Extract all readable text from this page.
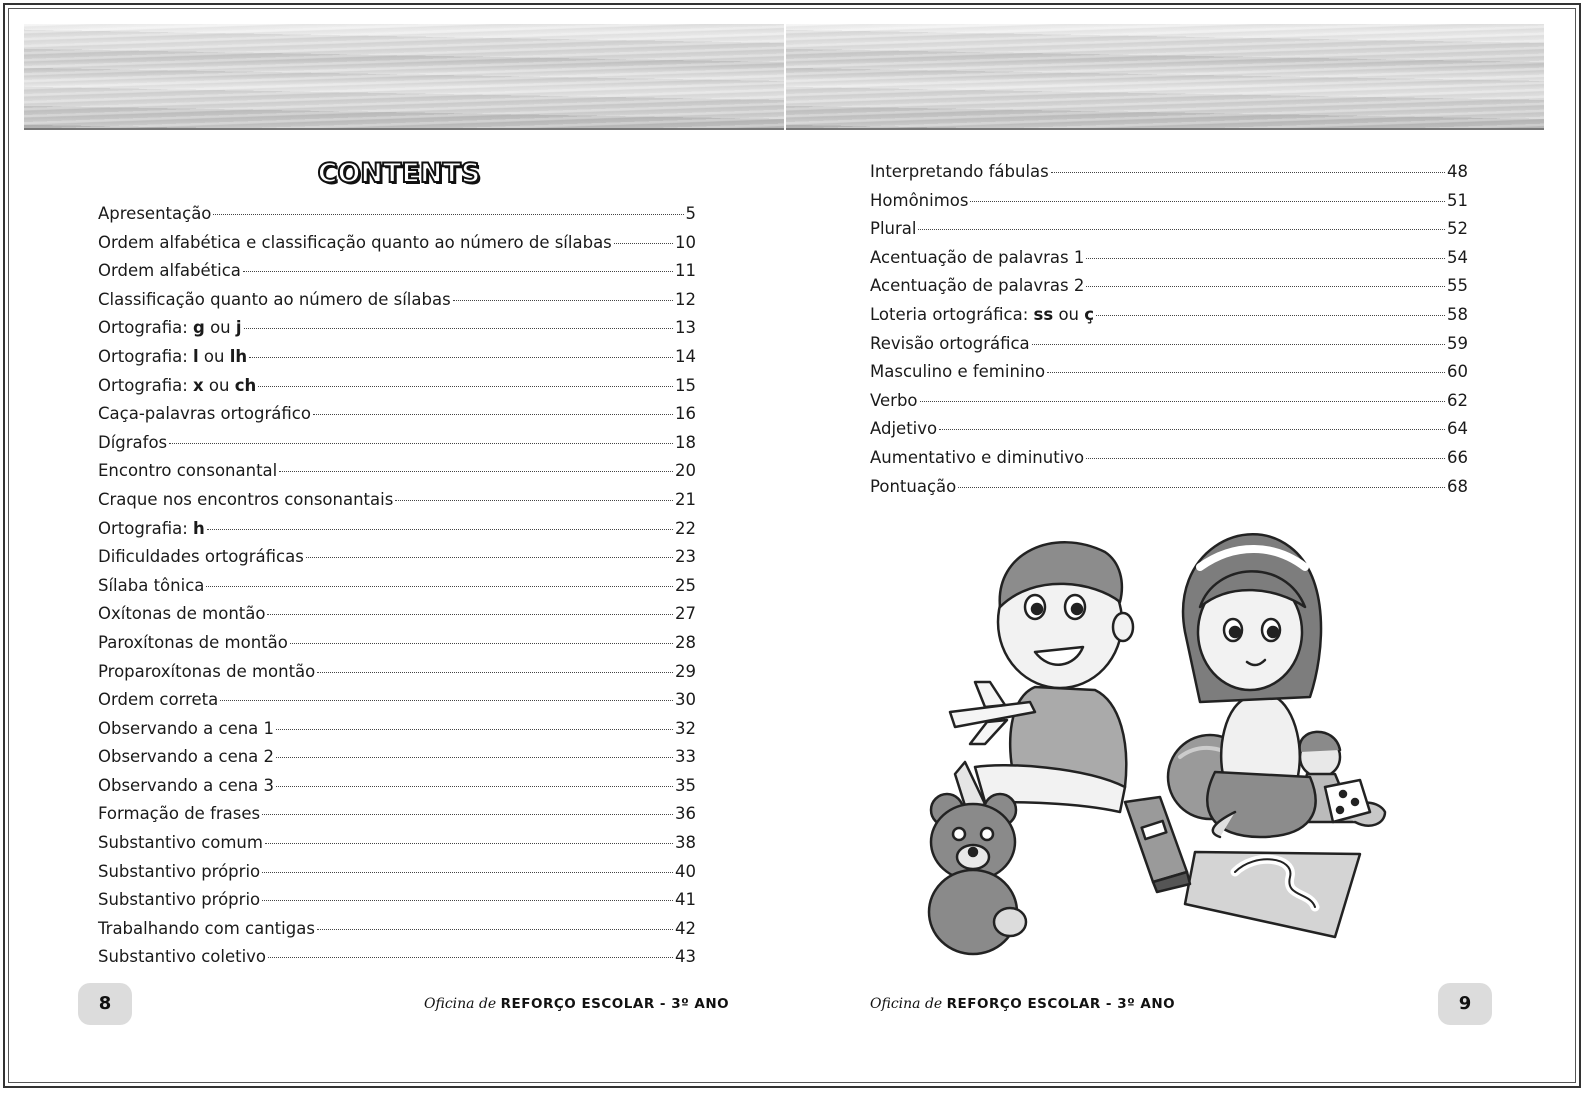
CONTENTS
Apresentação	5
Ordem alfabética e classificação quanto ao número de sílabas	10
Ordem alfabética	11
Classificação quanto ao número de sílabas	12
Ortografia: g ou j	13
Ortografia: l ou lh	14
Ortografia: x ou ch	15
Caça-palavras ortográfico	16
Dígrafos	18
Encontro consonantal	20
Craque nos encontros consonantais	21
Ortografia: h	22
Dificuldades ortográficas	23
Sílaba tônica	25
Oxítonas de montão	27
Paroxítonas de montão	28
Proparoxítonas de montão	29
Ordem correta	30
Observando a cena 1	32
Observando a cena 2	33
Observando a cena 3	35
Formação de frases	36
Substantivo comum	38
Substantivo próprio	40
Substantivo próprio	41
Trabalhando com cantigas	42
Substantivo coletivo	43
Interpretando fábulas	48
Homônimos	51
Plural	52
Acentuação de palavras 1	54
Acentuação de palavras 2	55
Loteria ortográfica: ss ou ç	58
Revisão ortográfica	59
Masculino e feminino	60
Verbo	62
Adjetivo	64
Aumentativo e diminutivo	66
Pontuação	68
8	9
Oficina de REFORÇO ESCOLAR - 3º ANO	Oficina de REFORÇO ESCOLAR - 3º ANO
